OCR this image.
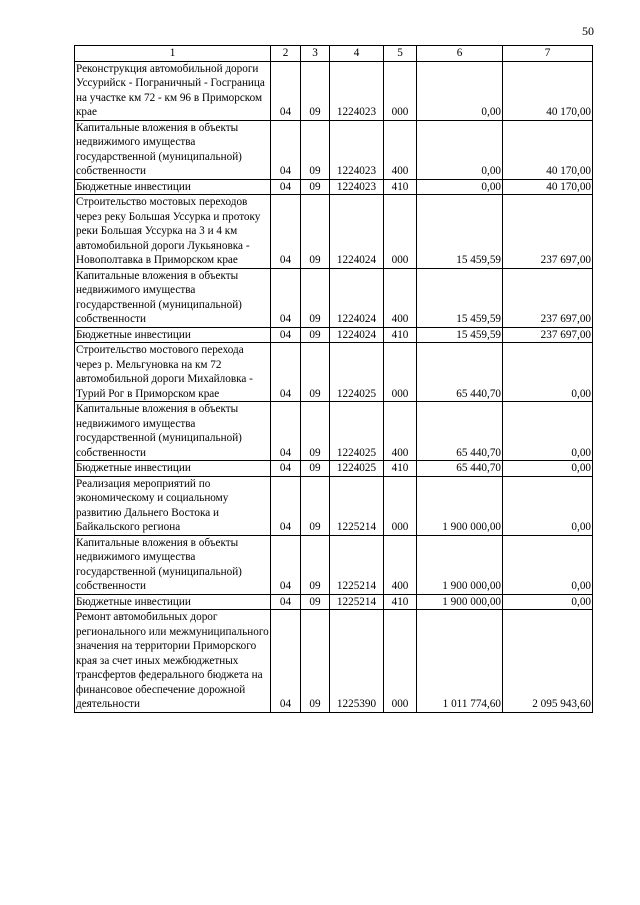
50
1	2	3	4	5	6	7
Реконструкция автомобильной дороги Уссурийск - Пограничный - Госграница на участке км 72 - км 96 в Приморском крае	04	09	1224023	000	0,00	40 170,00
Капитальные вложения в объекты недвижимого имущества государственной (муниципальной) собственности	04	09	1224023	400	0,00	40 170,00
Бюджетные инвестиции	04	09	1224023	410	0,00	40 170,00
Строительство мостовых переходов через реку Большая Уссурка и протоку реки Большая Уссурка на 3 и 4 км автомобильной дороги Лукьяновка - Новополтавка в Приморском крае	04	09	1224024	000	15 459,59	237 697,00
Капитальные вложения в объекты недвижимого имущества государственной (муниципальной) собственности	04	09	1224024	400	15 459,59	237 697,00
Бюджетные инвестиции	04	09	1224024	410	15 459,59	237 697,00
Строительство мостового перехода через р. Мельгуновка на км 72 автомобильной дороги Михайловка - Турий Рог в Приморском крае	04	09	1224025	000	65 440,70	0,00
Капитальные вложения в объекты недвижимого имущества государственной (муниципальной) собственности	04	09	1224025	400	65 440,70	0,00
Бюджетные инвестиции	04	09	1224025	410	65 440,70	0,00
Реализация мероприятий по экономическому и социальному развитию Дальнего Востока и Байкальского региона	04	09	1225214	000	1 900 000,00	0,00
Капитальные вложения в объекты недвижимого имущества государственной (муниципальной) собственности	04	09	1225214	400	1 900 000,00	0,00
Бюджетные инвестиции	04	09	1225214	410	1 900 000,00	0,00
Ремонт автомобильных дорог регионального или межмуниципального значения на территории Приморского края за счет иных межбюджетных трансфертов федерального бюджета на финансовое обеспечение дорожной деятельности	04	09	1225390	000	1 011 774,60	2 095 943,60
